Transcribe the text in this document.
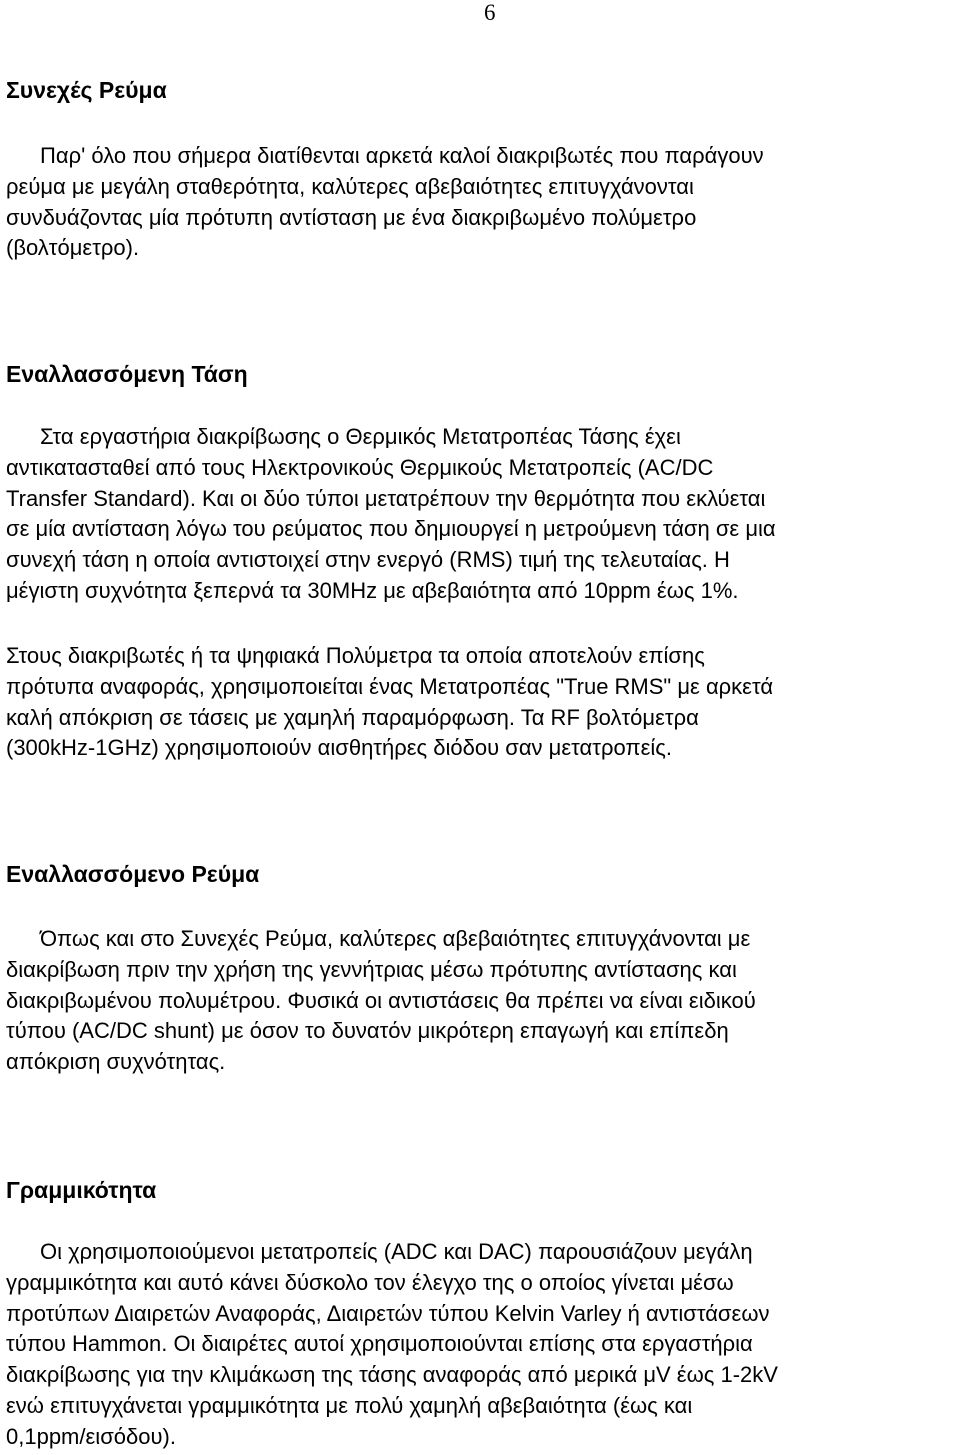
6
Συνεχές Ρεύμα
Παρ' όλο που σήμερα διατίθενται αρκετά καλοί διακριβωτές που παράγουν
ρεύμα με μεγάλη σταθερότητα, καλύτερες αβεβαιότητες επιτυγχάνονται
συνδυάζοντας μία πρότυπη αντίσταση με ένα διακριβωμένο πολύμετρο
(βολτόμετρο).
Εναλλασσόμενη Τάση
Στα εργαστήρια διακρίβωσης ο Θερμικός Μετατροπέας Τάσης έχει
αντικατασταθεί από τους Ηλεκτρονικούς Θερμικούς Μετατροπείς (AC/DC
Transfer Standard). Και οι δύο τύποι μετατρέπουν την θερμότητα που εκλύεται
σε μία αντίσταση λόγω του ρεύματος που δημιουργεί η μετρούμενη τάση σε μια
συνεχή τάση η οποία αντιστοιχεί στην ενεργό (RMS) τιμή της τελευταίας. Η
μέγιστη συχνότητα ξεπερνά τα 30MHz με αβεβαιότητα από 10ppm έως 1%.
Στους διακριβωτές ή τα ψηφιακά Πολύμετρα τα οποία αποτελούν επίσης
πρότυπα αναφοράς, χρησιμοποιείται ένας Μετατροπέας "True RMS" με αρκετά
καλή απόκριση σε τάσεις με χαμηλή παραμόρφωση. Τα RF βολτόμετρα
(300kHz-1GHz) χρησιμοποιούν αισθητήρες διόδου σαν μετατροπείς.
Εναλλασσόμενο Ρεύμα
Όπως και στο Συνεχές Ρεύμα, καλύτερες αβεβαιότητες επιτυγχάνονται με
διακρίβωση πριν την χρήση της γεννήτριας μέσω πρότυπης αντίστασης και
διακριβωμένου πολυμέτρου. Φυσικά οι αντιστάσεις θα πρέπει να είναι ειδικού
τύπου (AC/DC shunt) με όσον το δυνατόν μικρότερη επαγωγή και επίπεδη
απόκριση συχνότητας.
Γραμμικότητα
Οι χρησιμοποιούμενοι μετατροπείς (ADC και DAC) παρουσιάζουν μεγάλη
γραμμικότητα και αυτό κάνει δύσκολο τον έλεγχο της ο οποίος γίνεται μέσω
προτύπων Διαιρετών Αναφοράς, Διαιρετών τύπου Kelvin Varley ή αντιστάσεων
τύπου Hammon. Οι διαιρέτες αυτοί χρησιμοποιούνται επίσης στα εργαστήρια
διακρίβωσης για την κλιμάκωση της τάσης αναφοράς από μερικά μV έως 1-2kV
ενώ επιτυγχάνεται γραμμικότητα με πολύ χαμηλή αβεβαιότητα (έως και
0,1ppm/εισόδου).
